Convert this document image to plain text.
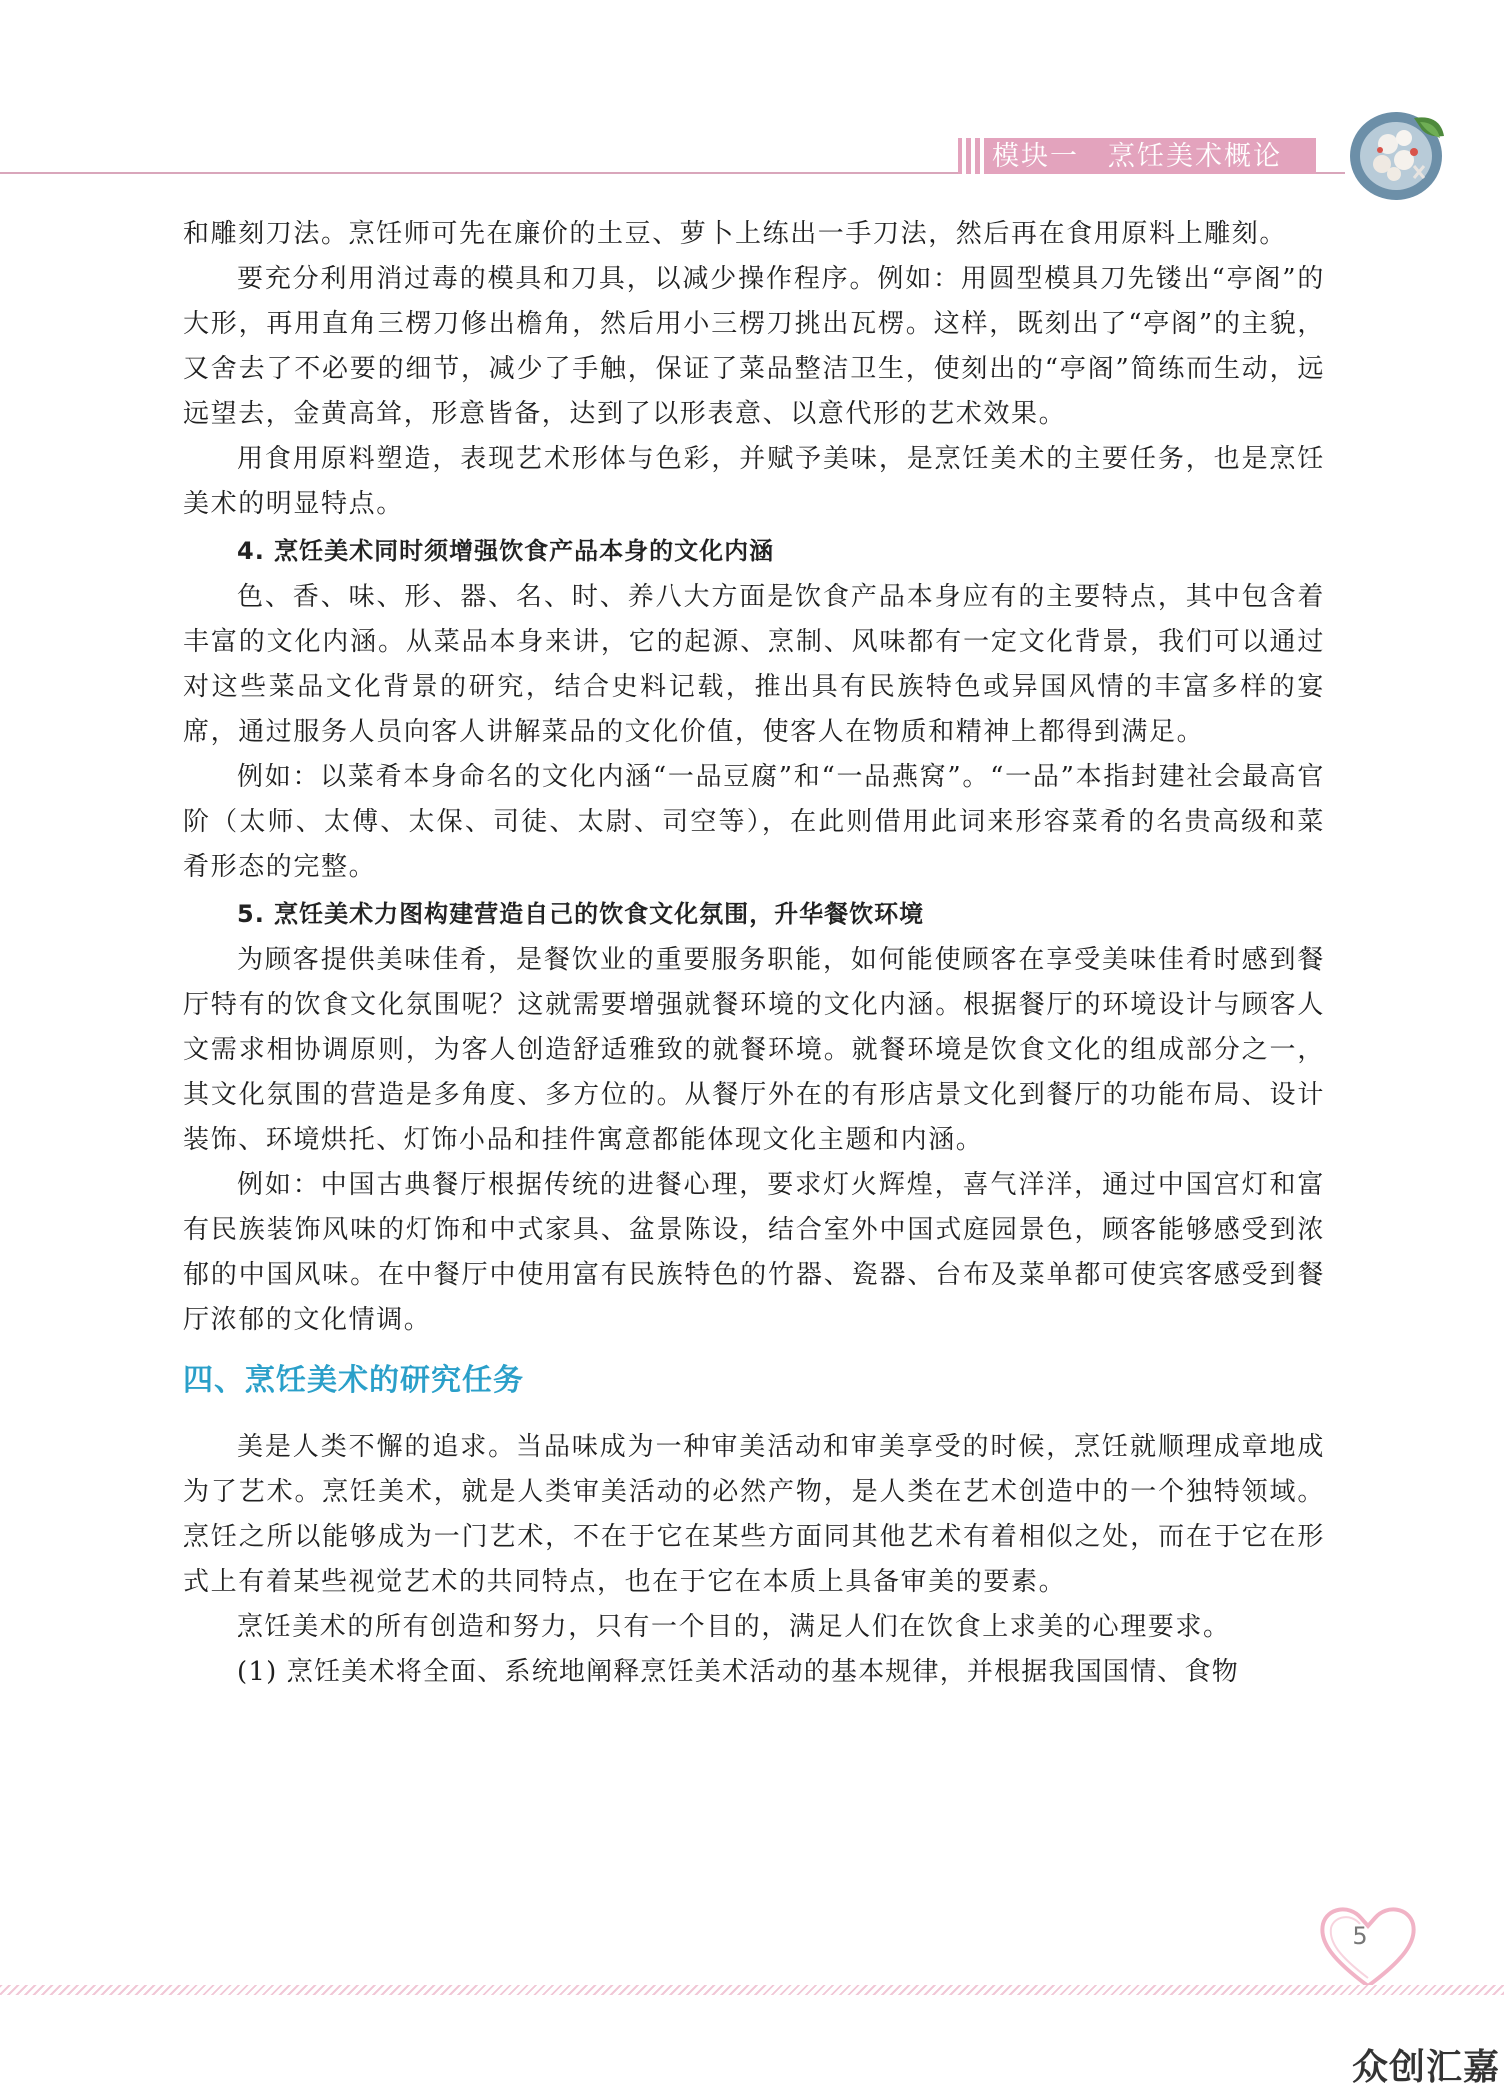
模块一　烹饪美术概论

和雕刻刀法。烹饪师可先在廉价的土豆、萝卜上练出一手刀法，然后再在食用原料上雕刻。

要充分利用消过毒的模具和刀具，以减少操作程序。例如：用圆型模具刀先镂出“亭阁”的大形，再用直角三楞刀修出檐角，然后用小三楞刀挑出瓦楞。这样，既刻出了“亭阁”的主貌，又舍去了不必要的细节，减少了手触，保证了菜品整洁卫生，使刻出的“亭阁”简练而生动，远远望去，金黄高耸，形意皆备，达到了以形表意、以意代形的艺术效果。

用食用原料塑造，表现艺术形体与色彩，并赋予美味，是烹饪美术的主要任务，也是烹饪美术的明显特点。

4. 烹饪美术同时须增强饮食产品本身的文化内涵

色、香、味、形、器、名、时、养八大方面是饮食产品本身应有的主要特点，其中包含着丰富的文化内涵。从菜品本身来讲，它的起源、烹制、风味都有一定文化背景，我们可以通过对这些菜品文化背景的研究，结合史料记载，推出具有民族特色或异国风情的丰富多样的宴席，通过服务人员向客人讲解菜品的文化价值，使客人在物质和精神上都得到满足。

例如：以菜肴本身命名的文化内涵“一品豆腐”和“一品燕窝”。“一品”本指封建社会最高官阶（太师、太傅、太保、司徒、太尉、司空等），在此则借用此词来形容菜肴的名贵高级和菜肴形态的完整。

5. 烹饪美术力图构建营造自己的饮食文化氛围，升华餐饮环境

为顾客提供美味佳肴，是餐饮业的重要服务职能，如何能使顾客在享受美味佳肴时感到餐厅特有的饮食文化氛围呢？这就需要增强就餐环境的文化内涵。根据餐厅的环境设计与顾客人文需求相协调原则，为客人创造舒适雅致的就餐环境。就餐环境是饮食文化的组成部分之一，其文化氛围的营造是多角度、多方位的。从餐厅外在的有形店景文化到餐厅的功能布局、设计装饰、环境烘托、灯饰小品和挂件寓意都能体现文化主题和内涵。

例如：中国古典餐厅根据传统的进餐心理，要求灯火辉煌，喜气洋洋，通过中国宫灯和富有民族装饰风味的灯饰和中式家具、盆景陈设，结合室外中国式庭园景色，顾客能够感受到浓郁的中国风味。在中餐厅中使用富有民族特色的竹器、瓷器、台布及菜单都可使宾客感受到餐厅浓郁的文化情调。

四、烹饪美术的研究任务

美是人类不懈的追求。当品味成为一种审美活动和审美享受的时候，烹饪就顺理成章地成为了艺术。烹饪美术，就是人类审美活动的必然产物，是人类在艺术创造中的一个独特领域。烹饪之所以能够成为一门艺术，不在于它在某些方面同其他艺术有着相似之处，而在于它在形式上有着某些视觉艺术的共同特点，也在于它在本质上具备审美的要素。

烹饪美术的所有创造和努力，只有一个目的，满足人们在饮食上求美的心理要求。

(1) 烹饪美术将全面、系统地阐释烹饪美术活动的基本规律，并根据我国国情、食物

5
众创汇嘉
